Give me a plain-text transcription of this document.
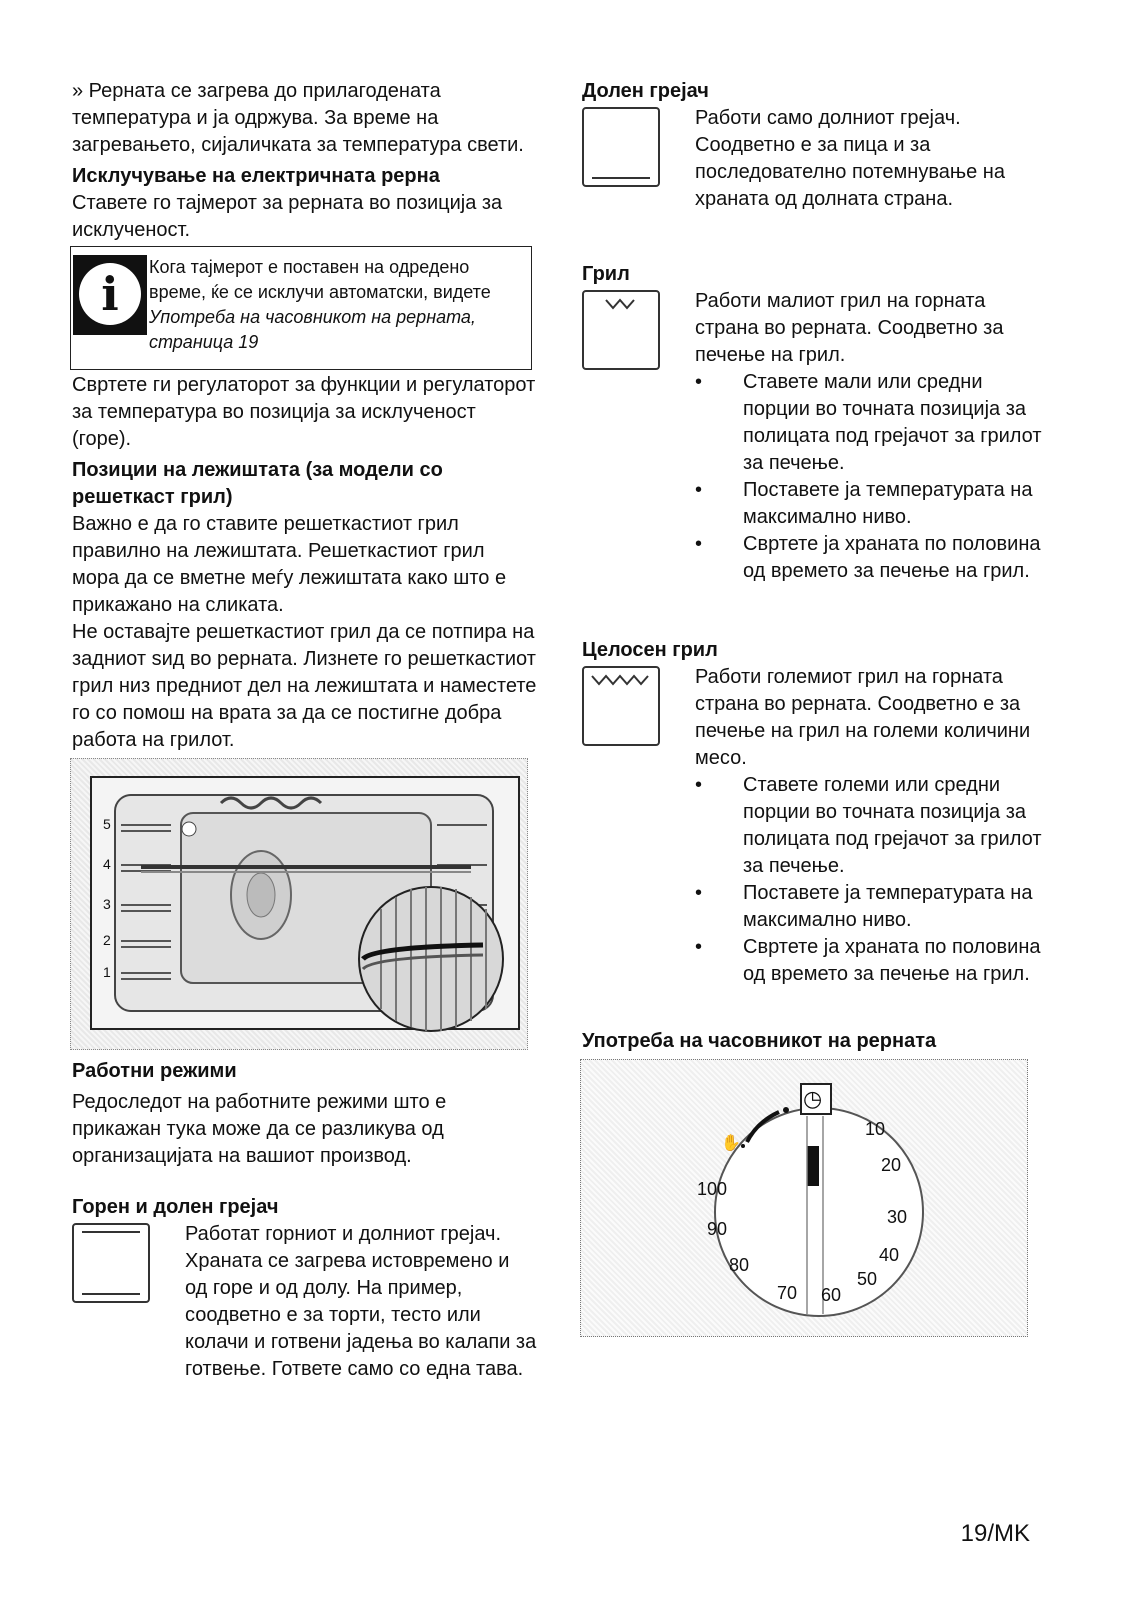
» Рерната се загрева до прилагодената температура и ја одржува. За време на загревањето, сијаличката за температура свети.

Исклучување на електричната рерна

Ставете го тајмерот за рерната во позиција за исклученост.

i	Кога тајмерот е поставен на одредено време, ќе се исклучи автоматски, видете
Употреба на часовникот на рерната, страница 19

Свртете ги регулаторот за функции и регулаторот за температура во позиција за исклученост (горе).

Позиции на лежиштата (за модели со решеткаст грил)

Важно е да го ставите решеткастиот грил правилно на лежиштата. Решеткастиот грил мора да се вметне меѓу лежиштата како што е прикажано на сликата.

Не оставајте решеткастиот грил да се потпира на задниот ѕид во рерната. Лизнете го решеткастиот грил низ предниот дел на лежиштата и наместете го со помош на врата за да се постигне добра работа на грилот.

5
4
3
2
1
Работни режими

Редоследот на работните режими што е прикажан тука може да се разликува од организацијата на вашиот производ.

Горен и долен грејач

Работат горниот и долниот грејач. Храната се загрева истовремено и од горе и од долу. На пример, соодветно е за торти, тесто или колачи и готвени јадења во калапи за готвење. Гответе само со една тава.

Долен грејач

Работи само долниот грејач. Соодветно е за пица и за последователно потемнување на храната од долната страна.

Грил

Работи малиот грил на горната страна во рерната. Соодветно за печење на грил.

• Ставете мали или средни порции во точната позиција за полицата под грејачот за грилот за печење.
• Поставете ја температурата на максимално ниво.
• Свртете ја храната по половина од времето за печење на грил.
Целосен грил

Работи големиот грил на горната страна во рерната. Соодветно е за печење на грил на големи количини месо.

• Ставете големи или средни порции во точната позиција за полицата под грејачот за грилот за печење.
• Поставете ја температурата на максимално ниво.
• Свртете ја храната по половина од времето за печење на грил.
Употреба на часовникот на рерната
◷
✋
10
20
30
40
50
60
70
80
90
100
19/MK
